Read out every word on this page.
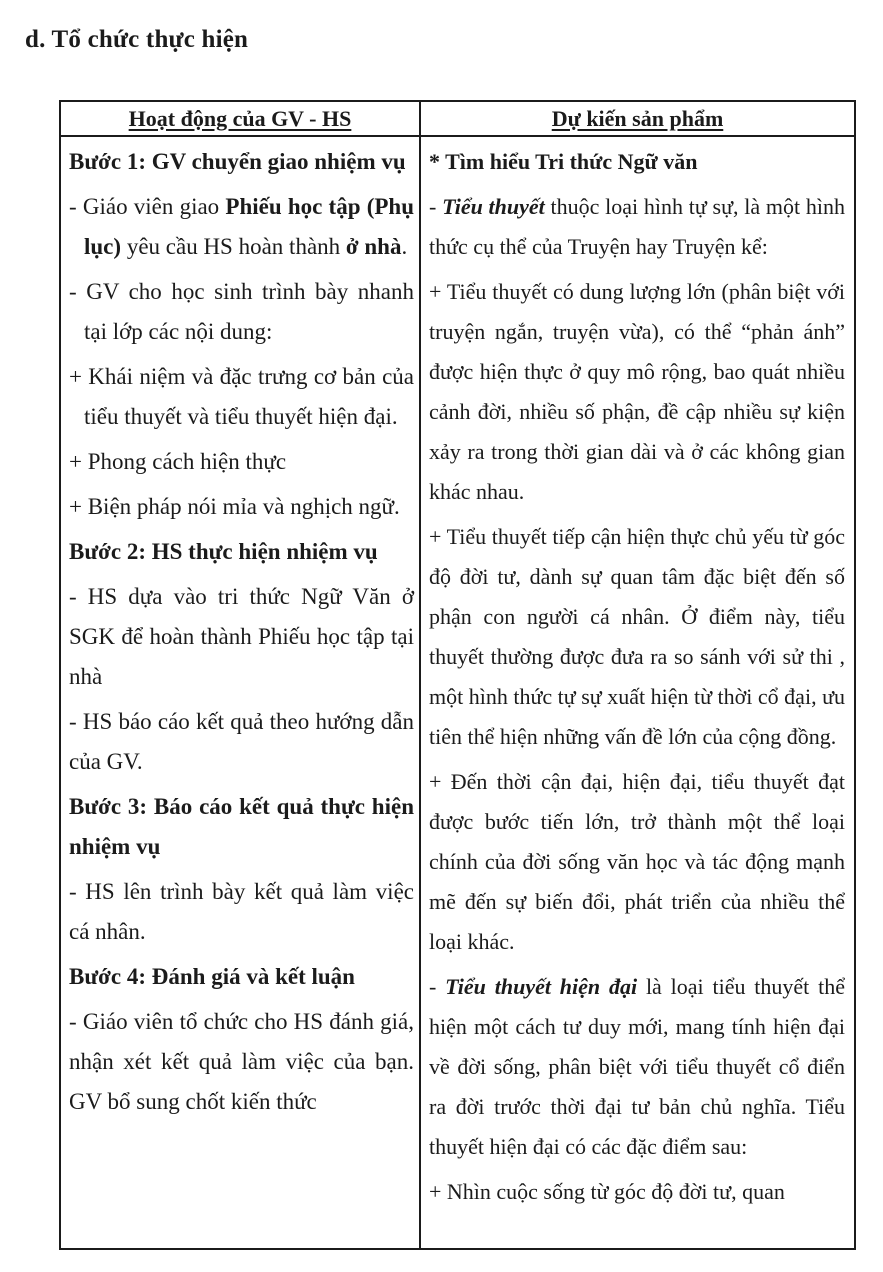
d. Tổ chức thực hiện
Hoạt động của GV - HS	Dự kiến sản phẩm

Bước 1: GV chuyển giao nhiệm vụ

- Giáo viên giao Phiếu học tập (Phụ lục) yêu cầu HS hoàn thành ở nhà.

- GV cho học sinh trình bày nhanh tại lớp các nội dung:

+ Khái niệm và đặc trưng cơ bản của tiểu thuyết và tiểu thuyết hiện đại.

+ Phong cách hiện thực

+ Biện pháp nói mỉa và nghịch ngữ.

Bước 2: HS thực hiện nhiệm vụ

- HS dựa vào tri thức Ngữ Văn ở SGK để hoàn thành Phiếu học tập tại nhà

- HS báo cáo kết quả theo hướng dẫn của GV.

Bước 3: Báo cáo kết quả thực hiện nhiệm vụ

- HS lên trình bày kết quả làm việc cá nhân.

Bước 4: Đánh giá và kết luận

- Giáo viên tổ chức cho HS đánh giá, nhận xét kết quả làm việc của bạn. GV bổ sung chốt kiến thức

* Tìm hiểu Tri thức Ngữ văn

- Tiểu thuyết thuộc loại hình tự sự, là một hình thức cụ thể của Truyện hay Truyện kể:

+ Tiểu thuyết có dung lượng lớn (phân biệt với truyện ngắn, truyện vừa), có thể “phản ánh” được hiện thực ở quy mô rộng, bao quát nhiều cảnh đời, nhiều số phận, đề cập nhiều sự kiện xảy ra trong thời gian dài và ở các không gian khác nhau.

+ Tiểu thuyết tiếp cận hiện thực chủ yếu từ góc độ đời tư, dành sự quan tâm đặc biệt đến số phận con người cá nhân. Ở điểm này, tiểu thuyết thường được đưa ra so sánh với sử thi , một hình thức tự sự xuất hiện từ thời cổ đại, ưu tiên thể hiện những vấn đề lớn của cộng đồng.

+ Đến thời cận đại, hiện đại, tiểu thuyết đạt được bước tiến lớn, trở thành một thể loại chính của đời sống văn học và tác động mạnh mẽ đến sự biến đổi, phát triển của nhiều thể loại khác.

- Tiểu thuyết hiện đại là loại tiểu thuyết thể hiện một cách tư duy mới, mang tính hiện đại về đời sống, phân biệt với tiểu thuyết cổ điển ra đời trước thời đại tư bản chủ nghĩa. Tiểu thuyết hiện đại có các đặc điểm sau:

+ Nhìn cuộc sống từ góc độ đời tư, quan
